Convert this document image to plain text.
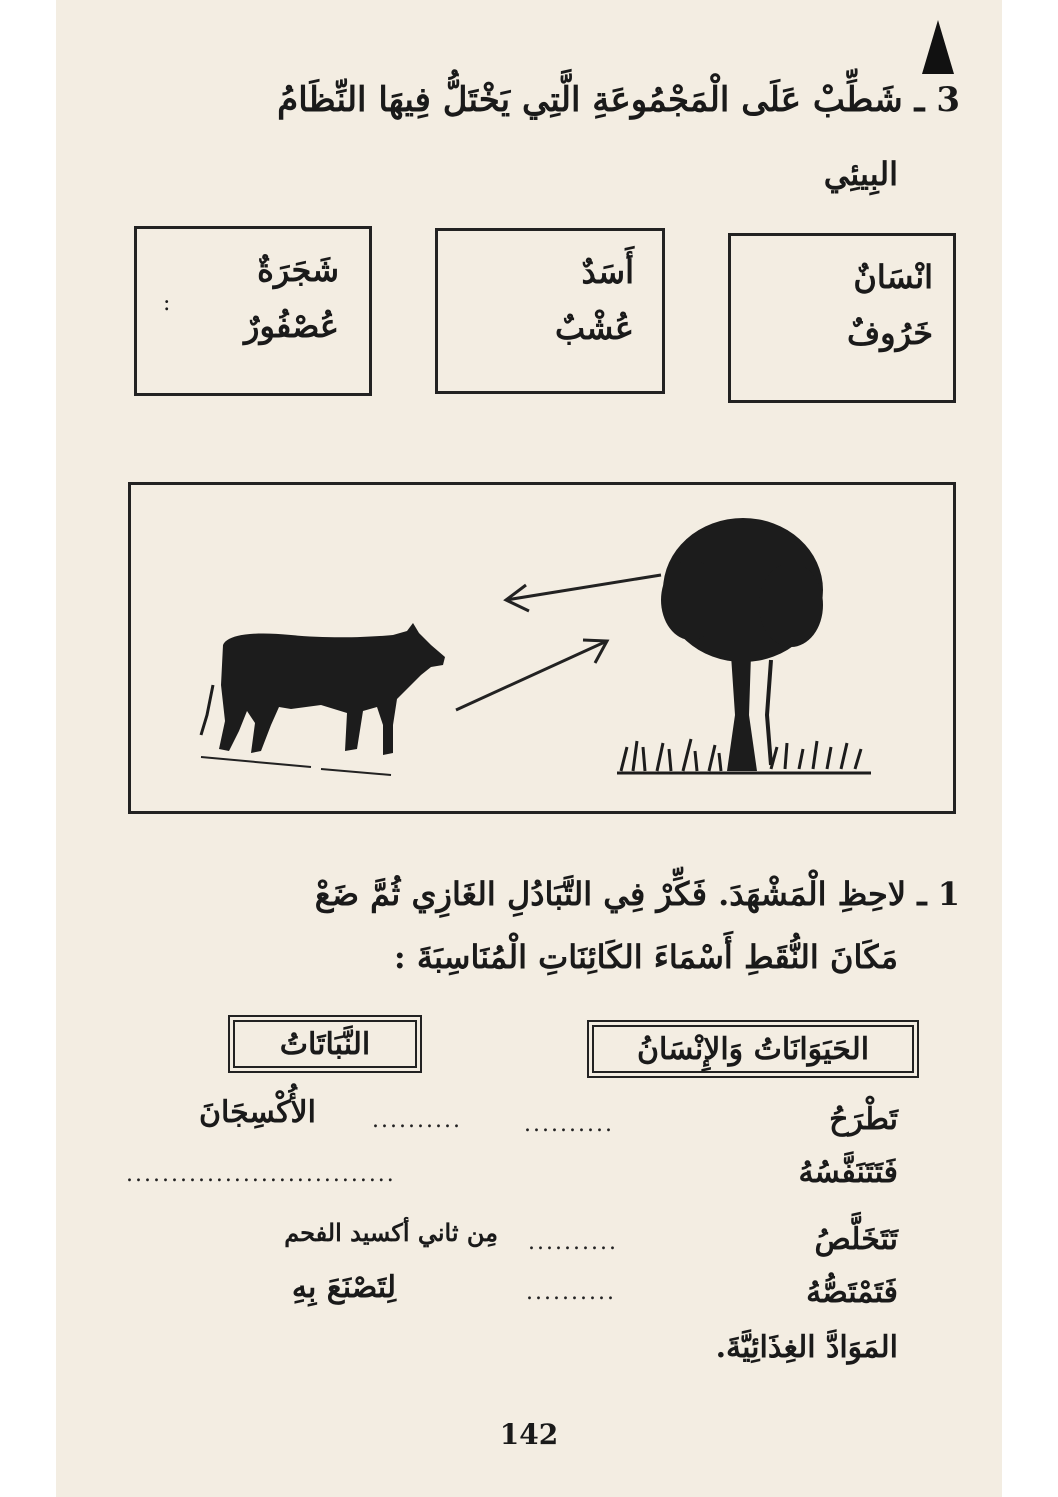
3 ـ شَطِّبْ عَلَى الْمَجْمُوعَةِ الَّتِي يَخْتَلُّ فِيهَا النِّظَامُ
البِيئِي
انْسَانٌ
خَرُوفٌ
أَسَدٌ
عُشْبٌ
شَجَرَةٌ
عُصْفُورٌ
:
1 ـ لاحِظِ الْمَشْهَدَ. فَكِّرْ فِي التَّبَادُلِ الغَازِي ثُمَّ ضَعْ
مَكَانَ النُّقَطِ أَسْمَاءَ الكَائِنَاتِ الْمُنَاسِبَةَ :
الحَيَوَانَاتُ وَالإِنْسَانُ
النَّبَاتَاتُ
تَطْرَحُ
..........
..........
الأُكْسِجَانَ
فَتَتَنَفَّسُهُ
..............................
تَتَخَلَّصُ
..........
مِن ثاني أكسيد الفحم
فَتَمْتَصُّهُ
..........
لِتَصْنَعَ بِهِ
المَوَادَّ الغِذَائِيَّةَ.
142
